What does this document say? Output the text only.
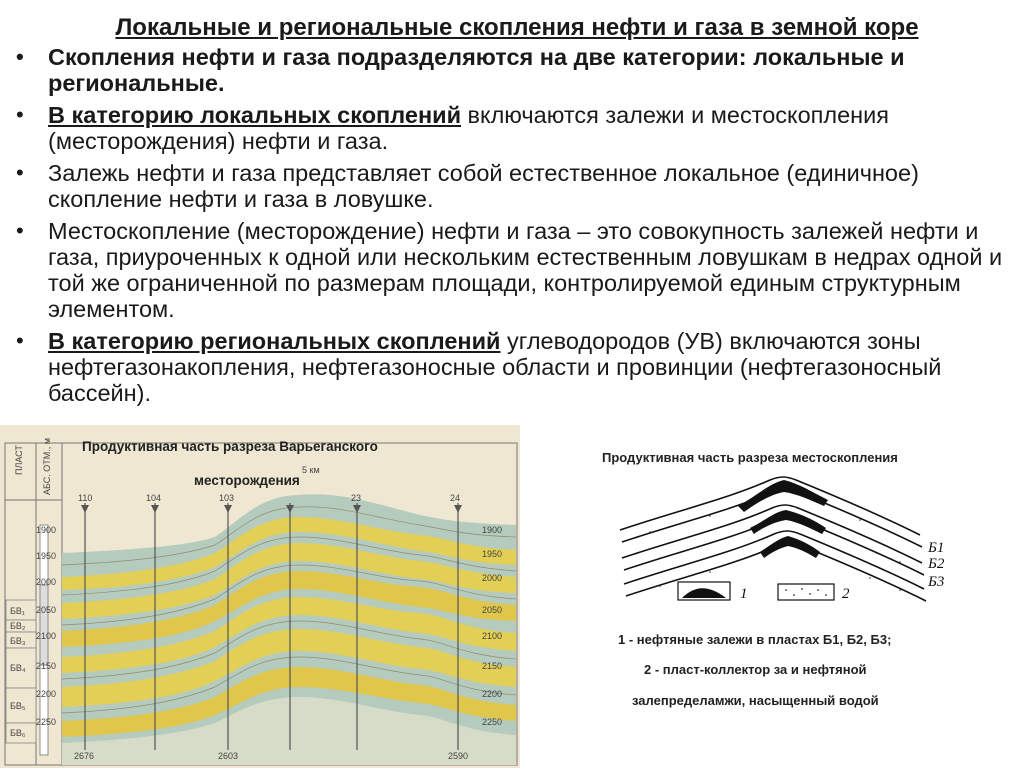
Локальные и региональные скопления нефти и газа в земной коре
• Скопления нефти и газа подразделяются на две категории: локальные и региональные.
• В категорию локальных скоплений включаются залежи и местоскопления (месторождения) нефти и газа.
• Залежь нефти и газа представляет собой естественное локальное (единичное) скопление нефти и газа в ловушке.
• Местоскопление (месторождение) нефти и газа – это совокупность залежей нефти и газа, приуроченных к одной или нескольким естественным ловушкам в недрах одной и той же ограниченной по размерам площади, контролируемой единым структурным элементом.
• В категорию региональных скоплений углеводородов (УВ) включаются зоны нефтегазонакопления, нефтегазоносные области и провинции (нефтегазоносный бассейн).
ПЛАСТ АБС. ОТМ., м
БВ₁
БВ₂
БВ₃
БВ₄
БВ₅
БВ₆
110	104	103	23	24
5 км
1900
1950
2000
2050
2100
2150
2200
2250
1900
1950
2000
2050
2100
2150
2200
2250
2676	2603	2590
Продуктивная часть разреза Варьеганского
месторождения
Продуктивная часть разреза местоскопления
Б1
Б2
Б3
1	2
1 - нефтяные залежи в пластах Б1, Б2, Б3;
2 - пласт-коллектор за и нефтяной
залепределамжи, насыщенный водой
